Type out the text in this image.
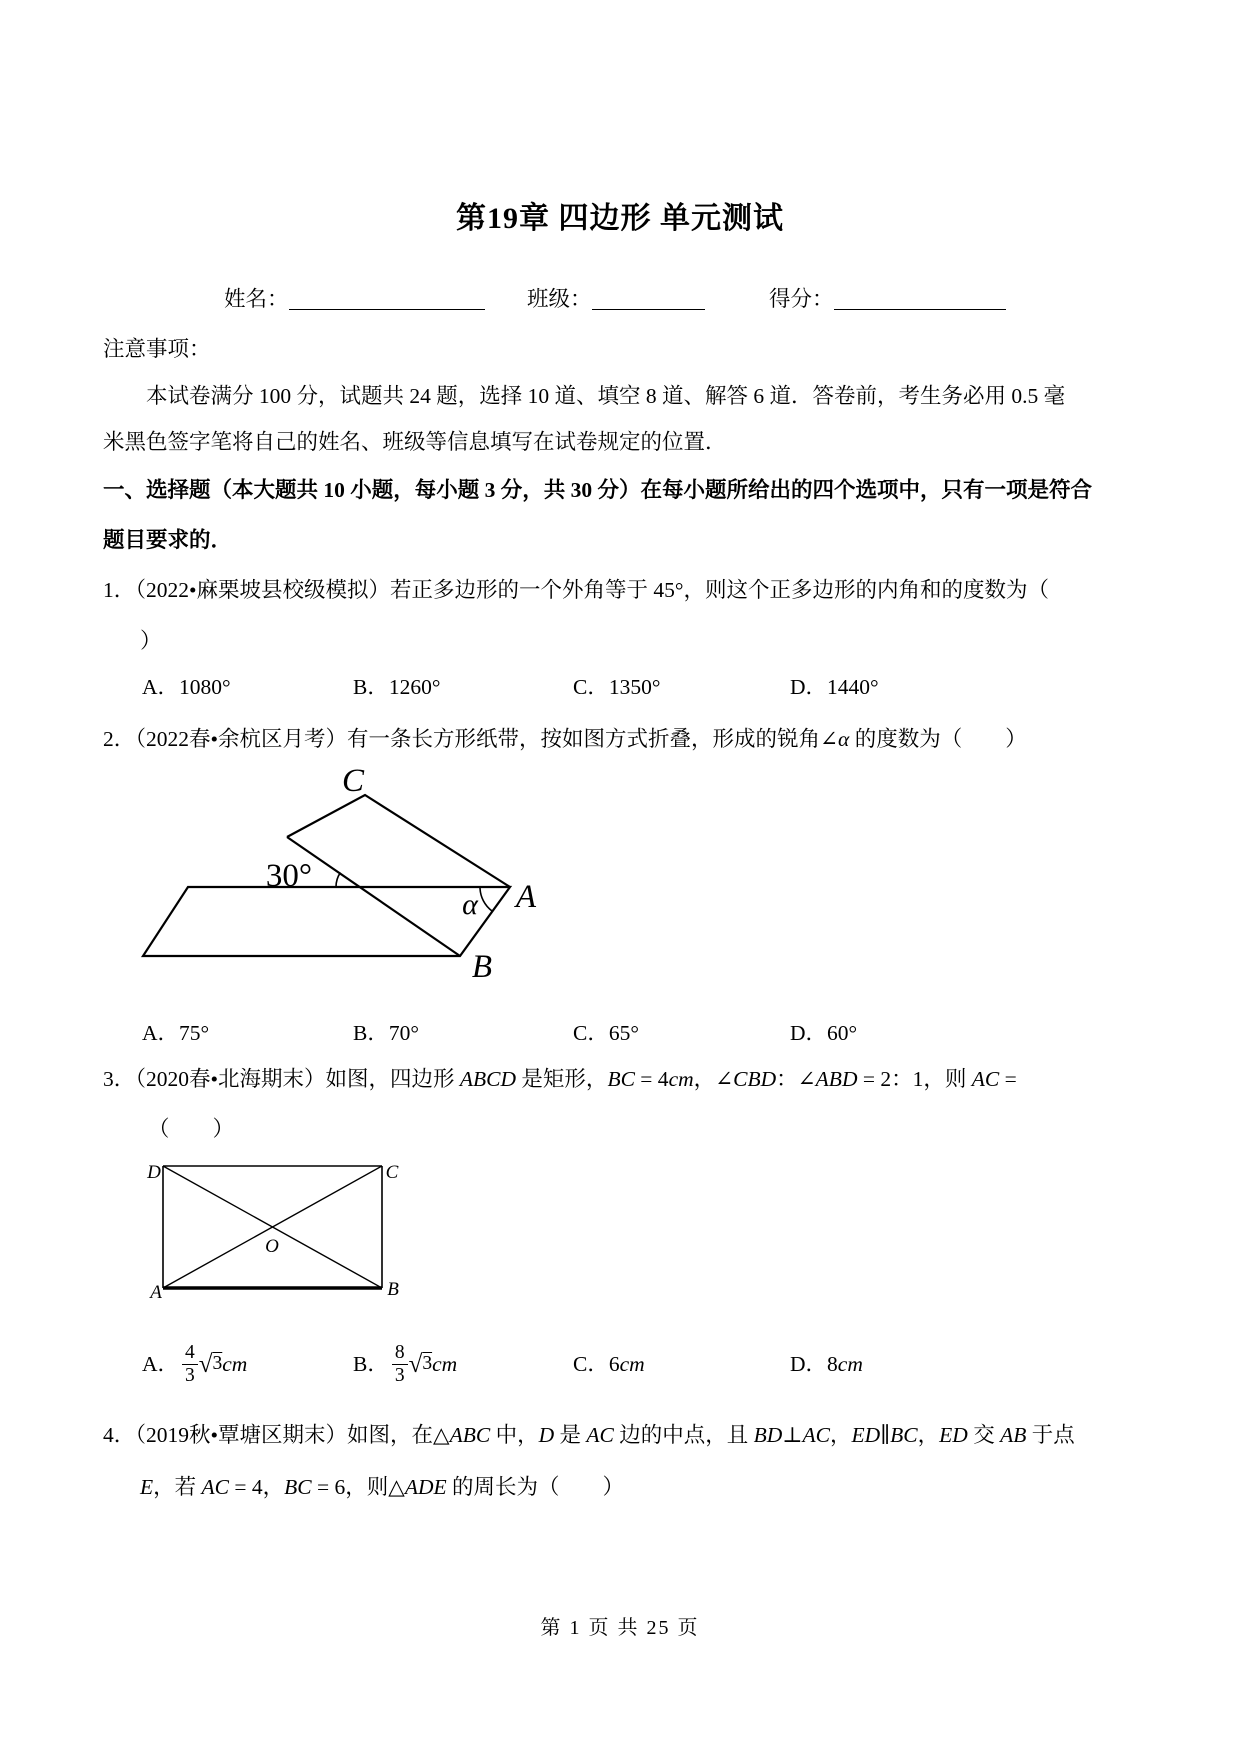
第19章 四边形 单元测试
姓名：	班级：	得分：
注意事项：
本试卷满分 100 分，试题共 24 题，选择 10 道、填空 8 道、解答 6 道．答卷前，考生务必用 0.5 毫
米黑色签字笔将自己的姓名、班级等信息填写在试卷规定的位置．
一、选择题（本大题共 10 小题，每小题 3 分，共 30 分）在每小题所给出的四个选项中，只有一项是符合
题目要求的．
1．（2022•麻栗坡县校级模拟）若正多边形的一个外角等于 45°，则这个正多边形的内角和的度数为（
）
A．1080°	B．1260°	C．1350°	D．1440°
2．（2022春•余杭区月考）有一条长方形纸带，按如图方式折叠，形成的锐角∠α 的度数为（　　）
C
30°
α A
B
A．75°	B．70°	C．65°	D．60°
3．（2020春•北海期末）如图，四边形 ABCD 是矩形，BC = 4cm，∠CBD：∠ABD = 2：1，则 AC =
（　　）
D	C
A	B
O
A． $\frac{4}{3}$ √ 3 cm	B． $\frac{8}{3}$ √ 3 cm	C．6 cm	D．8 cm
4．（2019秋•覃塘区期末）如图，在△ABC 中，D 是 AC 边的中点，且 BD⊥AC，ED∥BC，ED 交 AB 于点
E，若 AC = 4，BC = 6，则△ADE 的周长为（　　）
第 1 页 共 25 页
